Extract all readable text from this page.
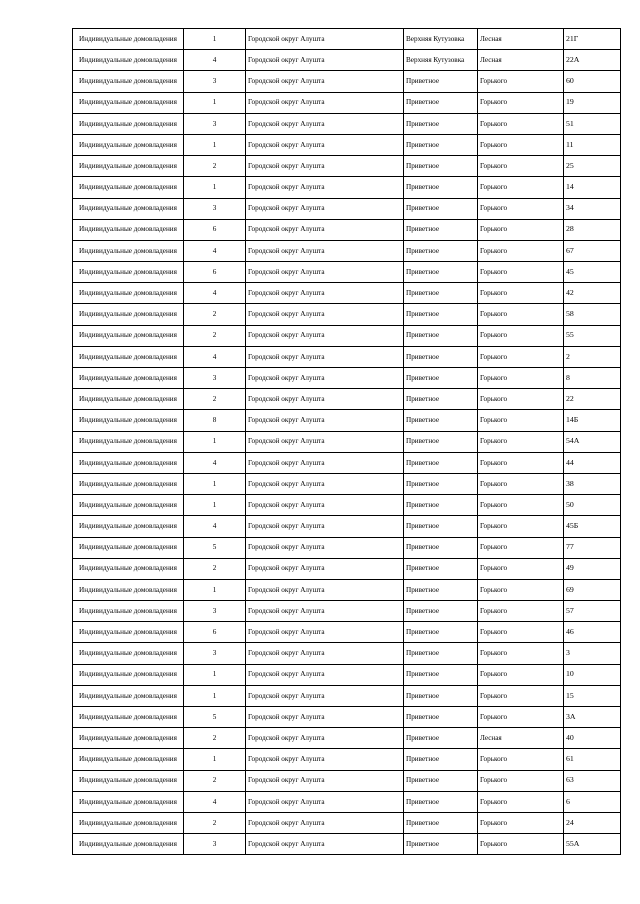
Индивидуальные домовладения	1	Городской округ Алушта	Верхняя Кутузовка	Лесная	21Г
Индивидуальные домовладения	4	Городской округ Алушта	Верхняя Кутузовка	Лесная	22А
Индивидуальные домовладения	3	Городской округ Алушта	Приветное	Горького	60
Индивидуальные домовладения	1	Городской округ Алушта	Приветное	Горького	19
Индивидуальные домовладения	3	Городской округ Алушта	Приветное	Горького	51
Индивидуальные домовладения	1	Городской округ Алушта	Приветное	Горького	11
Индивидуальные домовладения	2	Городской округ Алушта	Приветное	Горького	25
Индивидуальные домовладения	1	Городской округ Алушта	Приветное	Горького	14
Индивидуальные домовладения	3	Городской округ Алушта	Приветное	Горького	34
Индивидуальные домовладения	6	Городской округ Алушта	Приветное	Горького	28
Индивидуальные домовладения	4	Городской округ Алушта	Приветное	Горького	67
Индивидуальные домовладения	6	Городской округ Алушта	Приветное	Горького	45
Индивидуальные домовладения	4	Городской округ Алушта	Приветное	Горького	42
Индивидуальные домовладения	2	Городской округ Алушта	Приветное	Горького	58
Индивидуальные домовладения	2	Городской округ Алушта	Приветное	Горького	55
Индивидуальные домовладения	4	Городской округ Алушта	Приветное	Горького	2
Индивидуальные домовладения	3	Городской округ Алушта	Приветное	Горького	8
Индивидуальные домовладения	2	Городской округ Алушта	Приветное	Горького	22
Индивидуальные домовладения	8	Городской округ Алушта	Приветное	Горького	14Б
Индивидуальные домовладения	1	Городской округ Алушта	Приветное	Горького	54А
Индивидуальные домовладения	4	Городской округ Алушта	Приветное	Горького	44
Индивидуальные домовладения	1	Городской округ Алушта	Приветное	Горького	38
Индивидуальные домовладения	1	Городской округ Алушта	Приветное	Горького	50
Индивидуальные домовладения	4	Городской округ Алушта	Приветное	Горького	45Б
Индивидуальные домовладения	5	Городской округ Алушта	Приветное	Горького	77
Индивидуальные домовладения	2	Городской округ Алушта	Приветное	Горького	49
Индивидуальные домовладения	1	Городской округ Алушта	Приветное	Горького	69
Индивидуальные домовладения	3	Городской округ Алушта	Приветное	Горького	57
Индивидуальные домовладения	6	Городской округ Алушта	Приветное	Горького	46
Индивидуальные домовладения	3	Городской округ Алушта	Приветное	Горького	3
Индивидуальные домовладения	1	Городской округ Алушта	Приветное	Горького	10
Индивидуальные домовладения	1	Городской округ Алушта	Приветное	Горького	15
Индивидуальные домовладения	5	Городской округ Алушта	Приветное	Горького	3А
Индивидуальные домовладения	2	Городской округ Алушта	Приветное	Лесная	40
Индивидуальные домовладения	1	Городской округ Алушта	Приветное	Горького	61
Индивидуальные домовладения	2	Городской округ Алушта	Приветное	Горького	63
Индивидуальные домовладения	4	Городской округ Алушта	Приветное	Горького	6
Индивидуальные домовладения	2	Городской округ Алушта	Приветное	Горького	24
Индивидуальные домовладения	3	Городской округ Алушта	Приветное	Горького	55А
